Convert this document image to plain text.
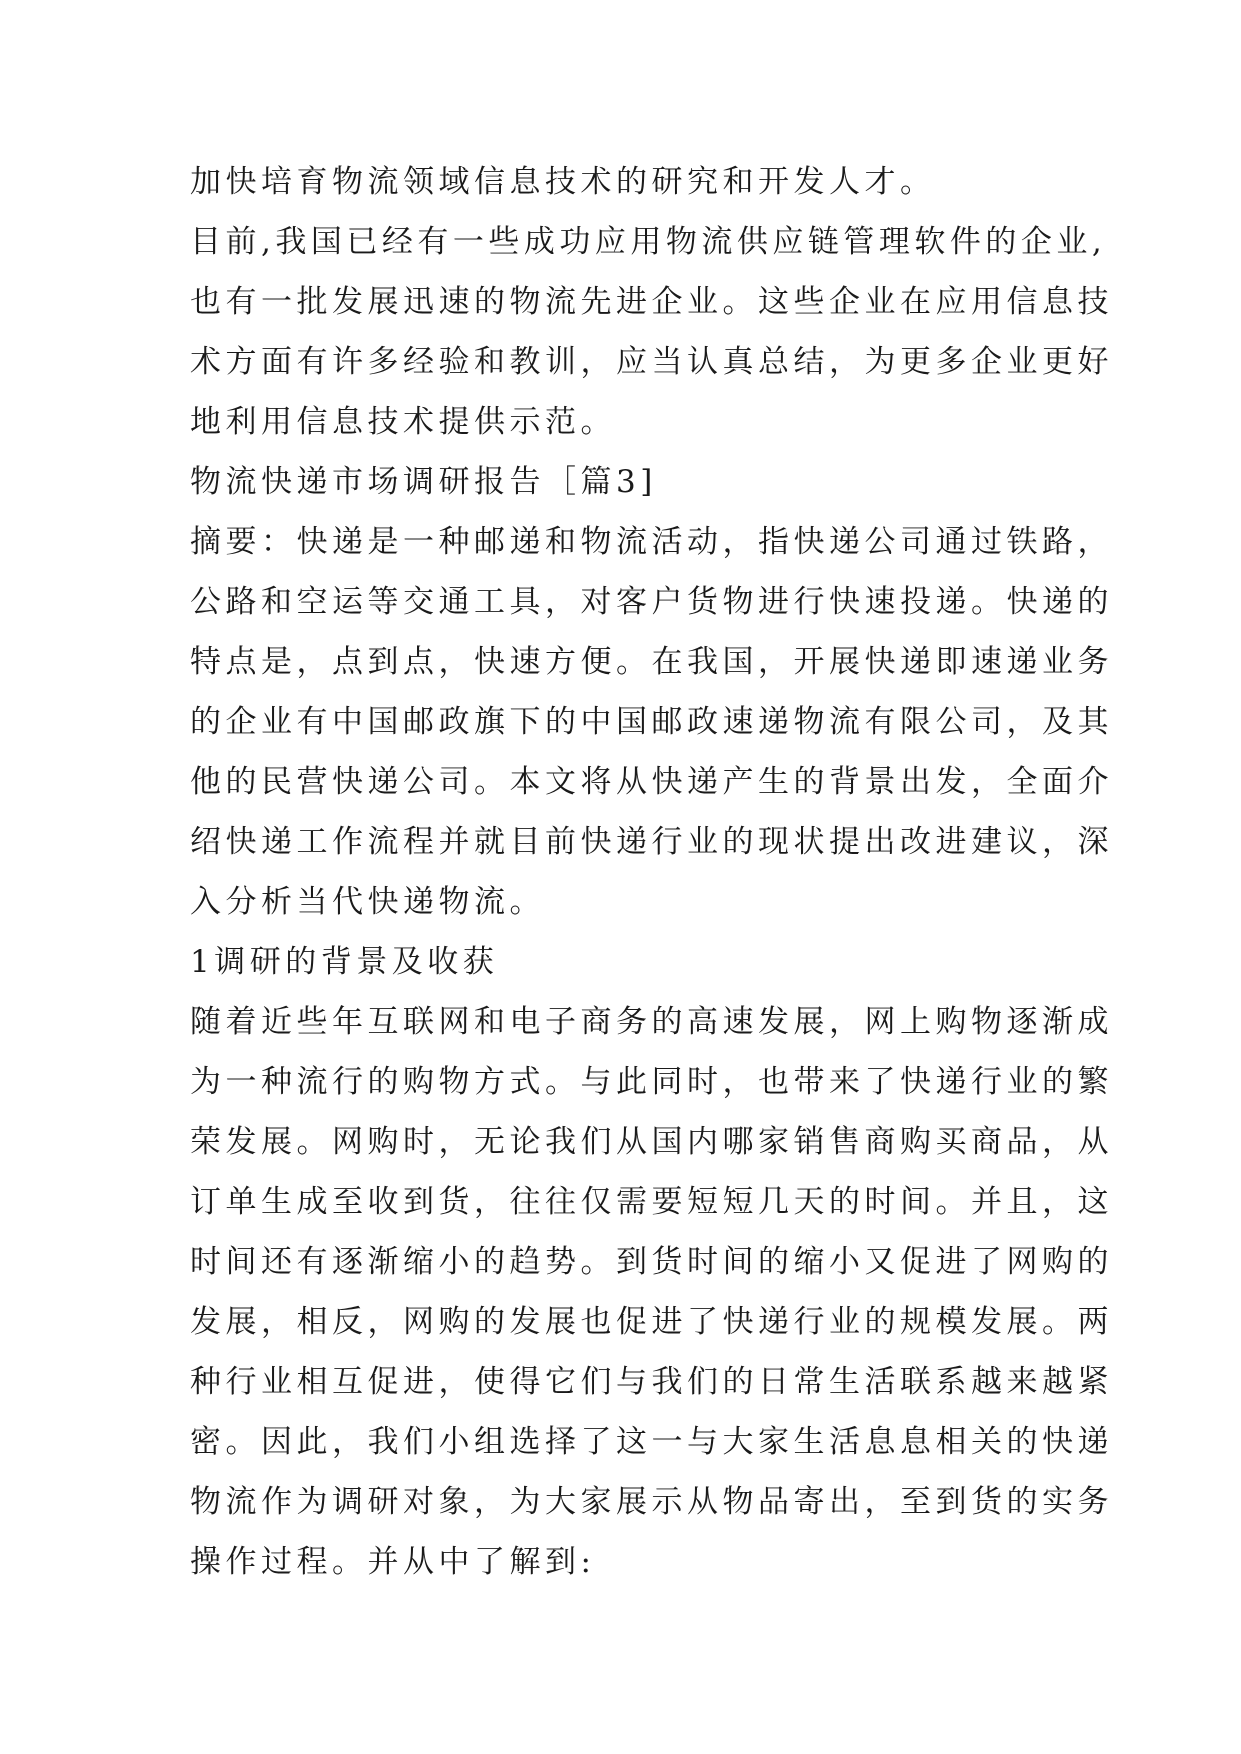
加快培育物流领域信息技术的研究和开发人才。
目前,我国已经有一些成功应用物流供应链管理软件的企业,
也有一批发展迅速的物流先进企业。这些企业在应用信息技
术方面有许多经验和教训，应当认真总结，为更多企业更好
地利用信息技术提供示范。
物流快递市场调研报告［篇3]
摘要：快递是一种邮递和物流活动，指快递公司通过铁路，
公路和空运等交通工具，对客户货物进行快速投递。快递的
特点是，点到点，快速方便。在我国，开展快递即速递业务
的企业有中国邮政旗下的中国邮政速递物流有限公司，及其
他的民营快递公司。本文将从快递产生的背景出发，全面介
绍快递工作流程并就目前快递行业的现状提出改进建议，深
入分析当代快递物流。
1调研的背景及收获
随着近些年互联网和电子商务的高速发展，网上购物逐渐成
为一种流行的购物方式。与此同时，也带来了快递行业的繁
荣发展。网购时，无论我们从国内哪家销售商购买商品，从
订单生成至收到货，往往仅需要短短几天的时间。并且，这
时间还有逐渐缩小的趋势。到货时间的缩小又促进了网购的
发展，相反，网购的发展也促进了快递行业的规模发展。两
种行业相互促进，使得它们与我们的日常生活联系越来越紧
密。因此，我们小组选择了这一与大家生活息息相关的快递
物流作为调研对象，为大家展示从物品寄出，至到货的实务
操作过程。并从中了解到:
